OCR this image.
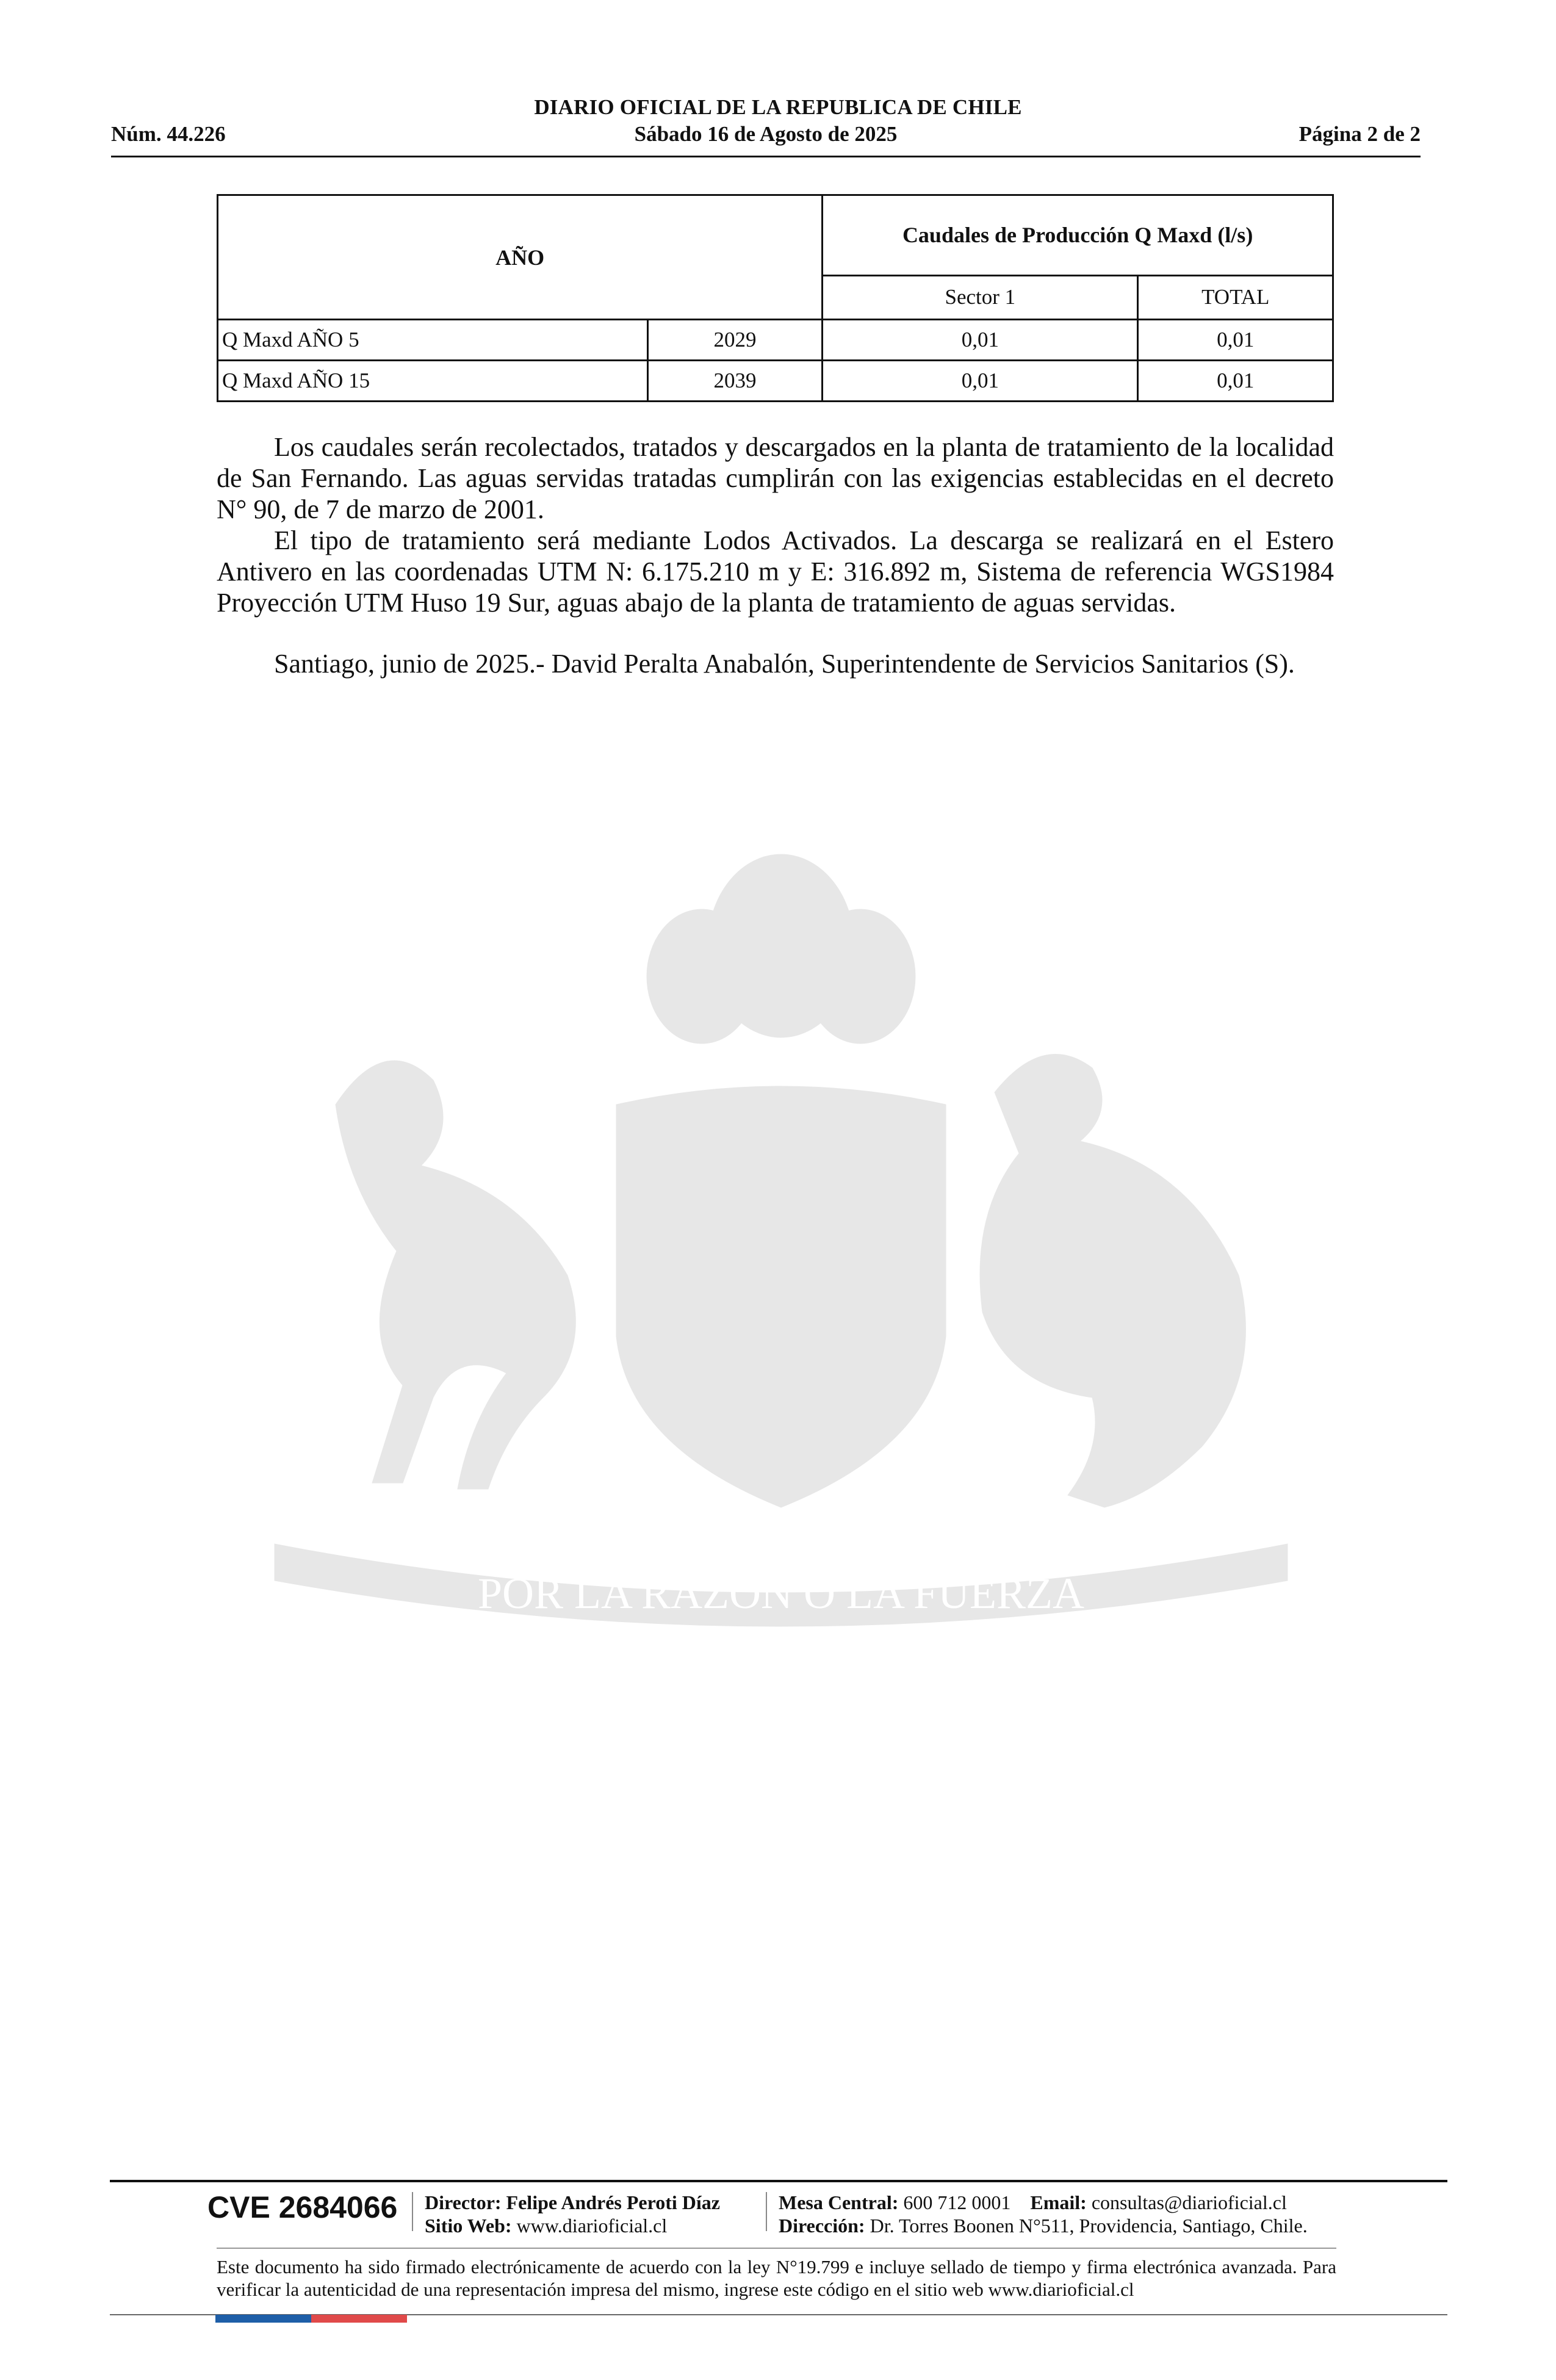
DIARIO OFICIAL DE LA REPUBLICA DE CHILE
Sábado 16 de Agosto de 2025
Núm. 44.226	Página 2 de 2
AÑO		Caudales de Producción Q Maxd (l/s)	
		Sector 1	TOTAL
Q Maxd AÑO 5	2029	0,01	0,01
Q Maxd AÑO 15	2039	0,01	0,01

Los caudales serán recolectados, tratados y descargados en la planta de tratamiento de la localidad de San Fernando. Las aguas servidas tratadas cumplirán con las exigencias establecidas en el decreto N° 90, de 7 de marzo de 2001.

El tipo de tratamiento será mediante Lodos Activados. La descarga se realizará en el Estero Antivero en las coordenadas UTM N: 6.175.210 m y E: 316.892 m, Sistema de referencia WGS1984 Proyección UTM Huso 19 Sur, aguas abajo de la planta de tratamiento de aguas servidas.

Santiago, junio de 2025.- David Peralta Anabalón, Superintendente de Servicios Sanitarios (S).

POR LA RAZON O LA FUERZA
CVE 2684066 Director: Felipe Andrés Peroti Díaz
Sitio Web: www.diarioficial.cl
Mesa Central: 600 712 0001 Email: consultas@diarioficial.cl
Dirección: Dr. Torres Boonen N°511, Providencia, Santiago, Chile.
Este documento ha sido firmado electrónicamente de acuerdo con la ley N°19.799 e incluye sellado de tiempo y firma electrónica avanzada. Para verificar la autenticidad de una representación impresa del mismo, ingrese este código en el sitio web www.diarioficial.cl
